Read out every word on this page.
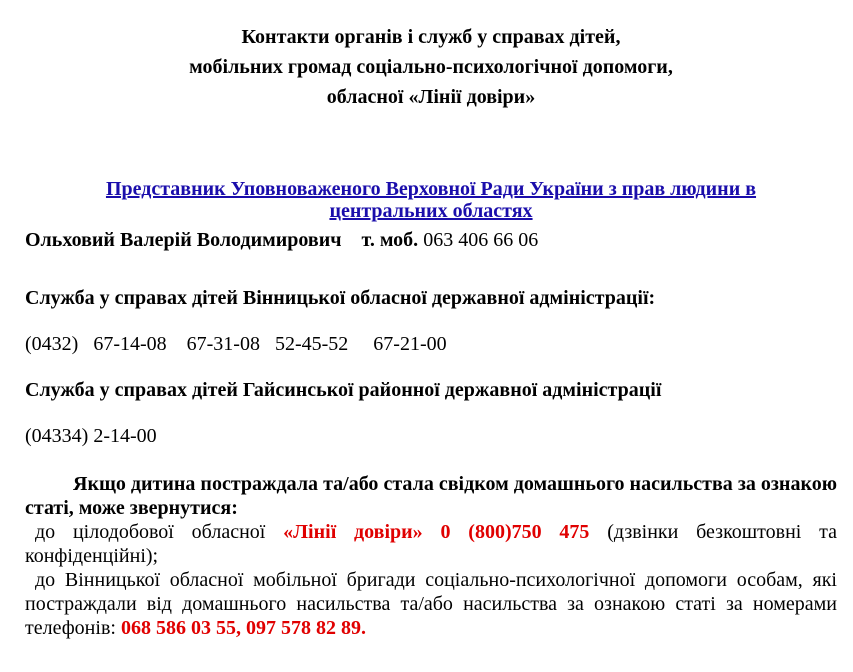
Контакти органів і служб у справах дітей,
мобільних громад соціально-психологічної допомоги,
обласної «Лінії довіри»
Представник Уповноваженого Верховної Ради України з прав людини в
центральних областях

Ольховий Валерій Володимирович т. моб. 063 406 66 06

Служба у справах дітей Вінницької обласної державної адміністрації:

(0432)   67-14-08    67-31-08   52-45-52     67-21-00

Служба у справах дітей Гайсинської районної державної адміністрації

(04334) 2-14-00

Якщо дитина постраждала та/або стала свідком домашнього насильства за ознакою статі, може звернутися:

до цілодобової обласної «Лінії довіри» 0 (800)750 475 (дзвінки безкоштовні та конфіденційні);

до Вінницької обласної мобільної бригади соціально-психологічної допомоги особам, які постраждали від домашнього насильства та/або насильства за ознакою статі за номерами телефонів: 068 586 03 55, 097 578 82 89.
